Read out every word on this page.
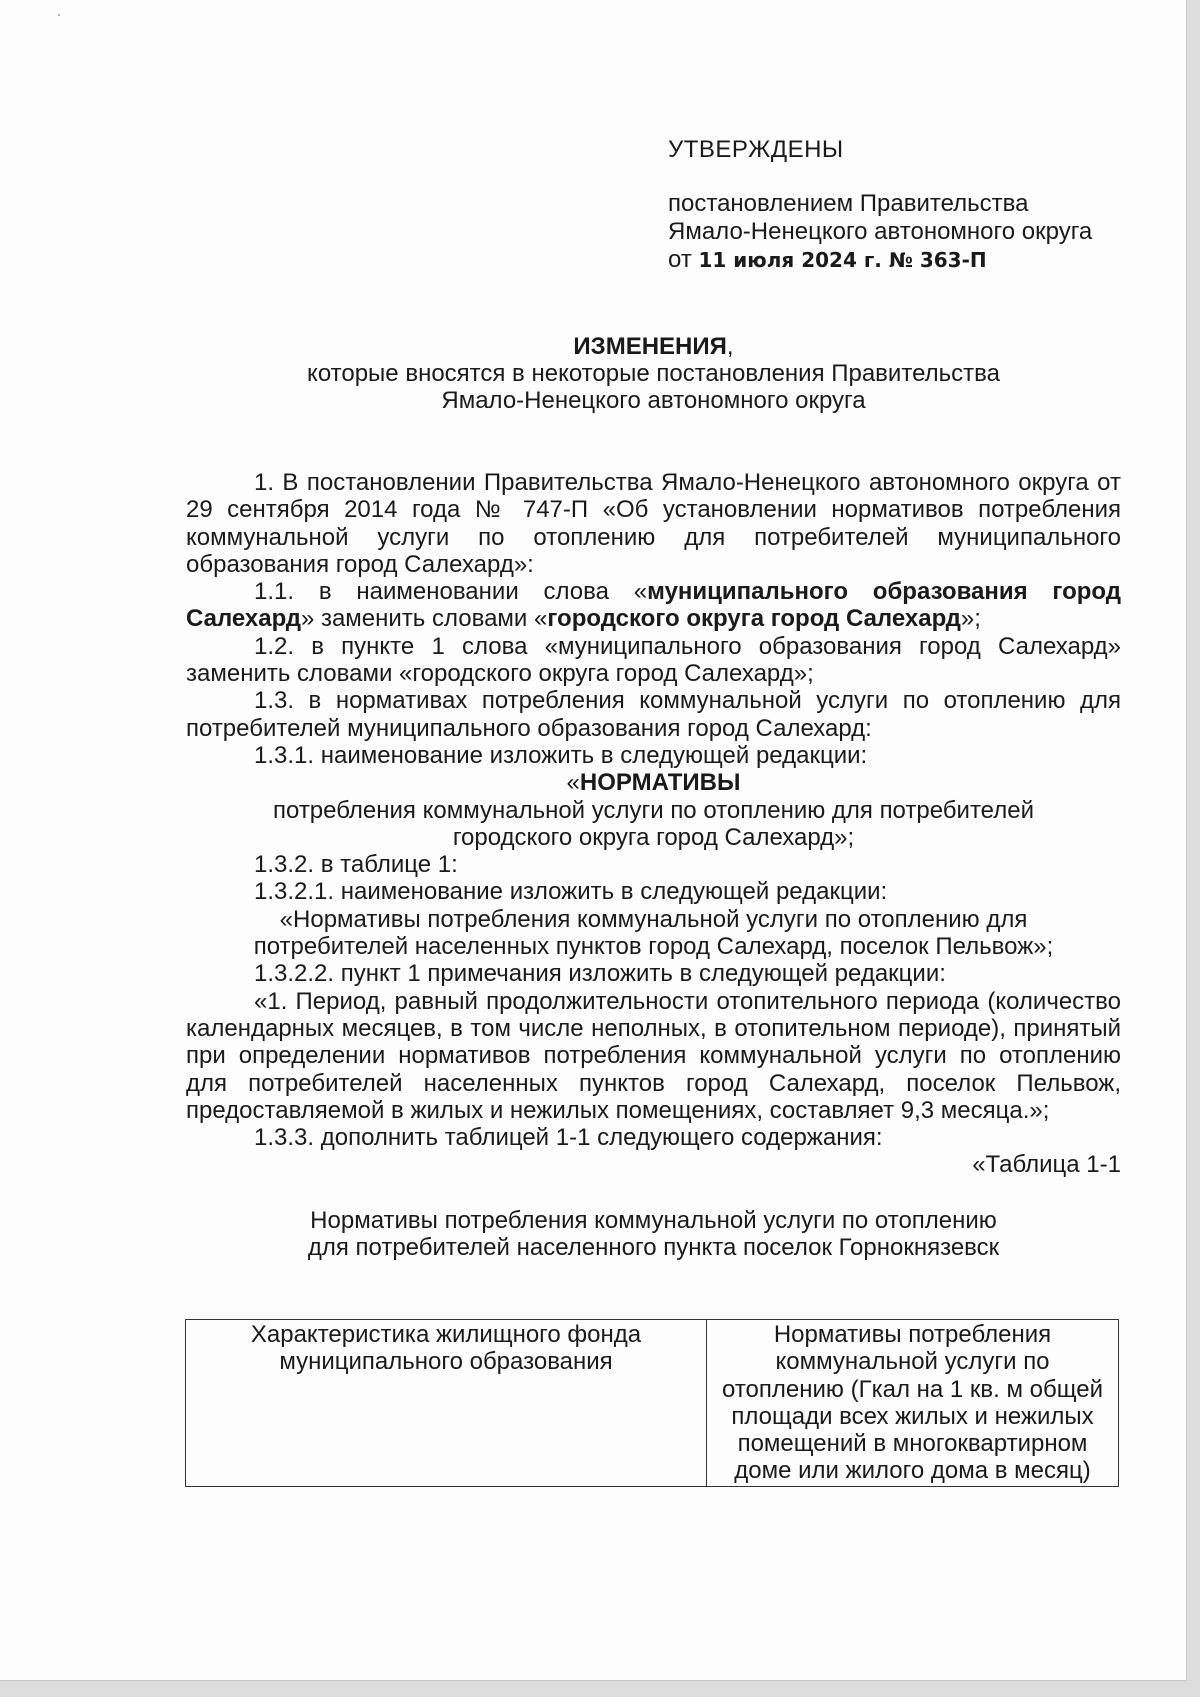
УТВЕРЖДЕНЫ
постановлением Правительства
Ямало-Ненецкого автономного округа
от 11 июля 2024 г. № 363-П
ИЗМЕНЕНИЯ,
которые вносятся в некоторые постановления Правительства
Ямало-Ненецкого автономного округа

1. В постановлении Правительства Ямало-Ненецкого автономного округа от 29 сентября 2014 года № 747-П «Об установлении нормативов потребления коммунальной услуги по отоплению для потребителей муниципального образования город Салехард»:

1.1. в наименовании слова «муниципального образования город Салехард» заменить словами «городского округа город Салехард»;

1.2. в пункте 1 слова «муниципального образования город Салехард» заменить словами «городского округа город Салехард»;

1.3. в нормативах потребления коммунальной услуги по отоплению для потребителей муниципального образования город Салехард:

1.3.1. наименование изложить в следующей редакции:

«НОРМАТИВЫ

потребления коммунальной услуги по отоплению для потребителей

городского округа город Салехард»;

1.3.2. в таблице 1:

1.3.2.1. наименование изложить в следующей редакции:

«Нормативы потребления коммунальной услуги по отоплению для

потребителей населенных пунктов город Салехард, поселок Пельвож»;

1.3.2.2. пункт 1 примечания изложить в следующей редакции:

«1. Период, равный продолжительности отопительного периода (количество календарных месяцев, в том числе неполных, в отопительном периоде), принятый при определении нормативов потребления коммунальной услуги по отоплению для потребителей населенных пунктов город Салехард, поселок Пельвож, предоставляемой в жилых и нежилых помещениях, составляет 9,3 месяца.»;

1.3.3. дополнить таблицей 1-1 следующего содержания:

«Таблица 1-1

Нормативы потребления коммунальной услуги по отоплению

для потребителей населенного пункта поселок Горнокнязевск

Характеристика жилищного фонда муниципального образования	Нормативы потребления коммунальной услуги по отоплению (Гкал на 1 кв. м общей площади всех жилых и нежилых помещений в многоквартирном доме или жилого дома в месяц)
